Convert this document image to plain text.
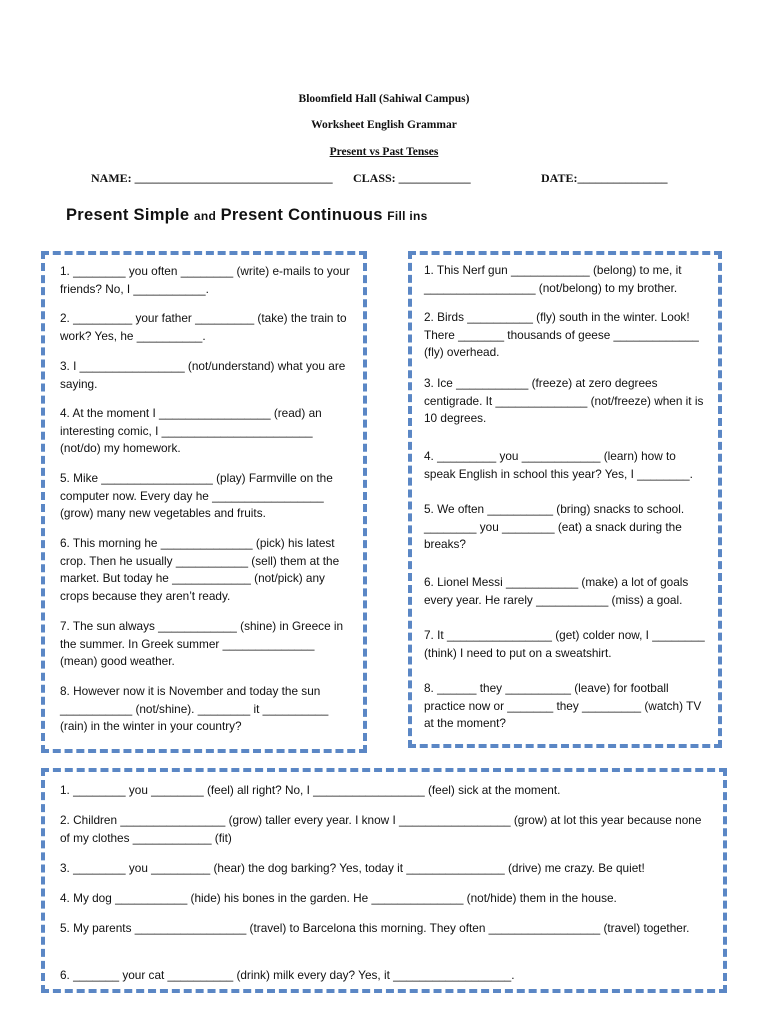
Bloomfield Hall (Sahiwal Campus)
Worksheet English Grammar
Present vs Past Tenses
NAME: _________________________________ CLASS: ____________	DATE:_______________
Present Simple and Present Continuous Fill ins
1. ________ you often ________ (write) e-mails to your friends? No, I ___________.
2. _________ your father _________ (take) the train to work? Yes, he __________.
3. I ________________ (not/understand) what you are saying.
4. At the moment I _________________ (read) an interesting comic, I _______________________ (not/do) my homework.
5. Mike _________________ (play) Farmville on the computer now. Every day he _________________ (grow) many new vegetables and fruits.
6. This morning he ______________ (pick) his latest crop. Then he usually ___________ (sell) them at the market. But today he ____________ (not/pick) any crops because they aren’t ready.
7. The sun always ____________ (shine) in Greece in the summer. In Greek summer ______________ (mean) good weather.
8. However now it is November and today the sun ___________ (not/shine). ________ it __________ (rain) in the winter in your country?
1. This Nerf gun ____________ (belong) to me, it _________________ (not/belong) to my brother.
2. Birds __________ (fly) south in the winter. Look! There _______ thousands of geese _____________ (fly) overhead.
3. Ice ___________ (freeze) at zero degrees centigrade. It ______________ (not/freeze) when it is 10 degrees.
4. _________ you ____________ (learn) how to speak English in school this year? Yes, I ________.
5. We often __________ (bring) snacks to school. ________ you ________ (eat) a snack during the breaks?
6. Lionel Messi ___________ (make) a lot of goals every year. He rarely ___________ (miss) a goal.
7. It ________________ (get) colder now, I ________ (think) I need to put on a sweatshirt.
8. ______ they __________ (leave) for football practice now or _______ they _________ (watch) TV at the moment?
1. ________ you ________ (feel) all right? No, I _________________ (feel) sick at the moment.
2. Children ________________ (grow) taller every year. I know I _________________ (grow) at lot this year because none of my clothes ____________ (fit)
3. ________ you _________ (hear) the dog barking? Yes, today it _______________ (drive) me crazy. Be quiet!
4. My dog ___________ (hide) his bones in the garden. He ______________ (not/hide) them in the house.
5. My parents _________________ (travel) to Barcelona this morning. They often _________________ (travel) together.
6. _______ your cat __________ (drink) milk every day? Yes, it __________________.
